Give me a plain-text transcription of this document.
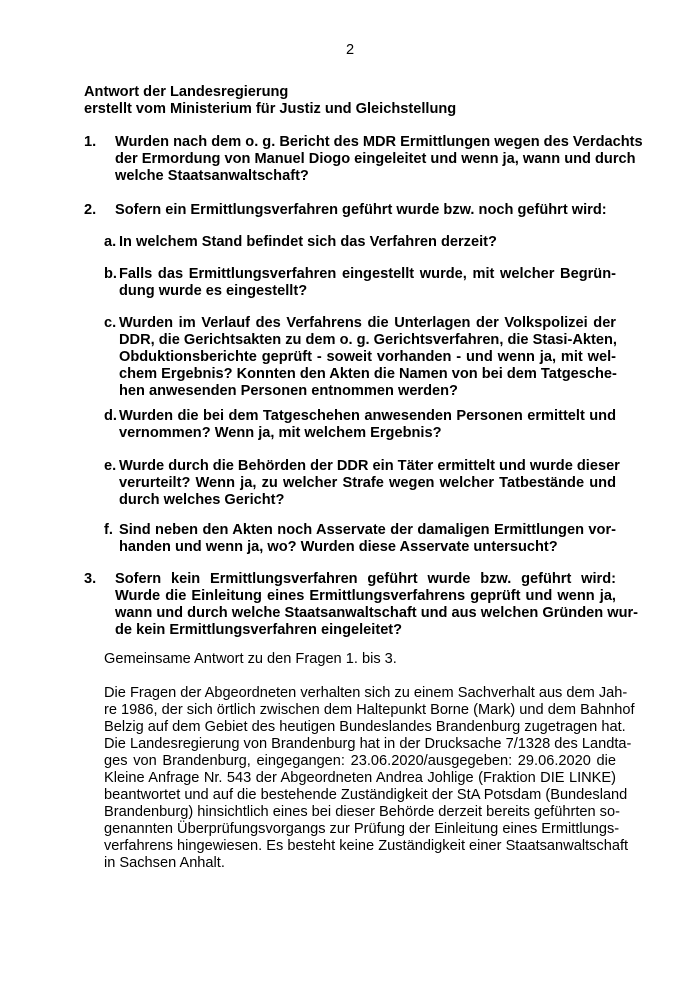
2
Antwort der Landesregierung
erstellt vom Ministerium für Justiz und Gleichstellung
1. Wurden nach dem o. g. Bericht des MDR Ermittlungen wegen des Verdachts
der Ermordung von Manuel Diogo eingeleitet und wenn ja, wann und durch
welche Staatsanwaltschaft?
2. Sofern ein Ermittlungsverfahren geführt wurde bzw. noch geführt wird:
a. In welchem Stand befindet sich das Verfahren derzeit?
b. Falls das Ermittlungsverfahren eingestellt wurde, mit welcher Begrün-
dung wurde es eingestellt?
c. Wurden im Verlauf des Verfahrens die Unterlagen der Volkspolizei der
DDR, die Gerichtsakten zu dem o. g. Gerichtsverfahren, die Stasi-Akten,
Obduktionsberichte geprüft - soweit vorhanden - und wenn ja, mit wel-
chem Ergebnis? Konnten den Akten die Namen von bei dem Tatgesche-
hen anwesenden Personen entnommen werden?
d. Wurden die bei dem Tatgeschehen anwesenden Personen ermittelt und
vernommen? Wenn ja, mit welchem Ergebnis?
e. Wurde durch die Behörden der DDR ein Täter ermittelt und wurde dieser
verurteilt? Wenn ja, zu welcher Strafe wegen welcher Tatbestände und
durch welches Gericht?
f. Sind neben den Akten noch Asservate der damaligen Ermittlungen vor-
handen und wenn ja, wo? Wurden diese Asservate untersucht?
3. Sofern kein Ermittlungsverfahren geführt wurde bzw. geführt wird:
Wurde die Einleitung eines Ermittlungsverfahrens geprüft und wenn ja,
wann und durch welche Staatsanwaltschaft und aus welchen Gründen wur-
de kein Ermittlungsverfahren eingeleitet?
Gemeinsame Antwort zu den Fragen 1. bis 3.
Die Fragen der Abgeordneten verhalten sich zu einem Sachverhalt aus dem Jah-
re 1986, der sich örtlich zwischen dem Haltepunkt Borne (Mark) und dem Bahnhof
Belzig auf dem Gebiet des heutigen Bundeslandes Brandenburg zugetragen hat.
Die Landesregierung von Brandenburg hat in der Drucksache 7/1328 des Landta-
ges von Brandenburg, eingegangen: 23.06.2020/ausgegeben: 29.06.2020 die
Kleine Anfrage Nr. 543 der Abgeordneten Andrea Johlige (Fraktion DIE LINKE)
beantwortet und auf die bestehende Zuständigkeit der StA Potsdam (Bundesland
Brandenburg) hinsichtlich eines bei dieser Behörde derzeit bereits geführten so-
genannten Überprüfungsvorgangs zur Prüfung der Einleitung eines Ermittlungs-
verfahrens hingewiesen. Es besteht keine Zuständigkeit einer Staatsanwaltschaft
in Sachsen Anhalt.
